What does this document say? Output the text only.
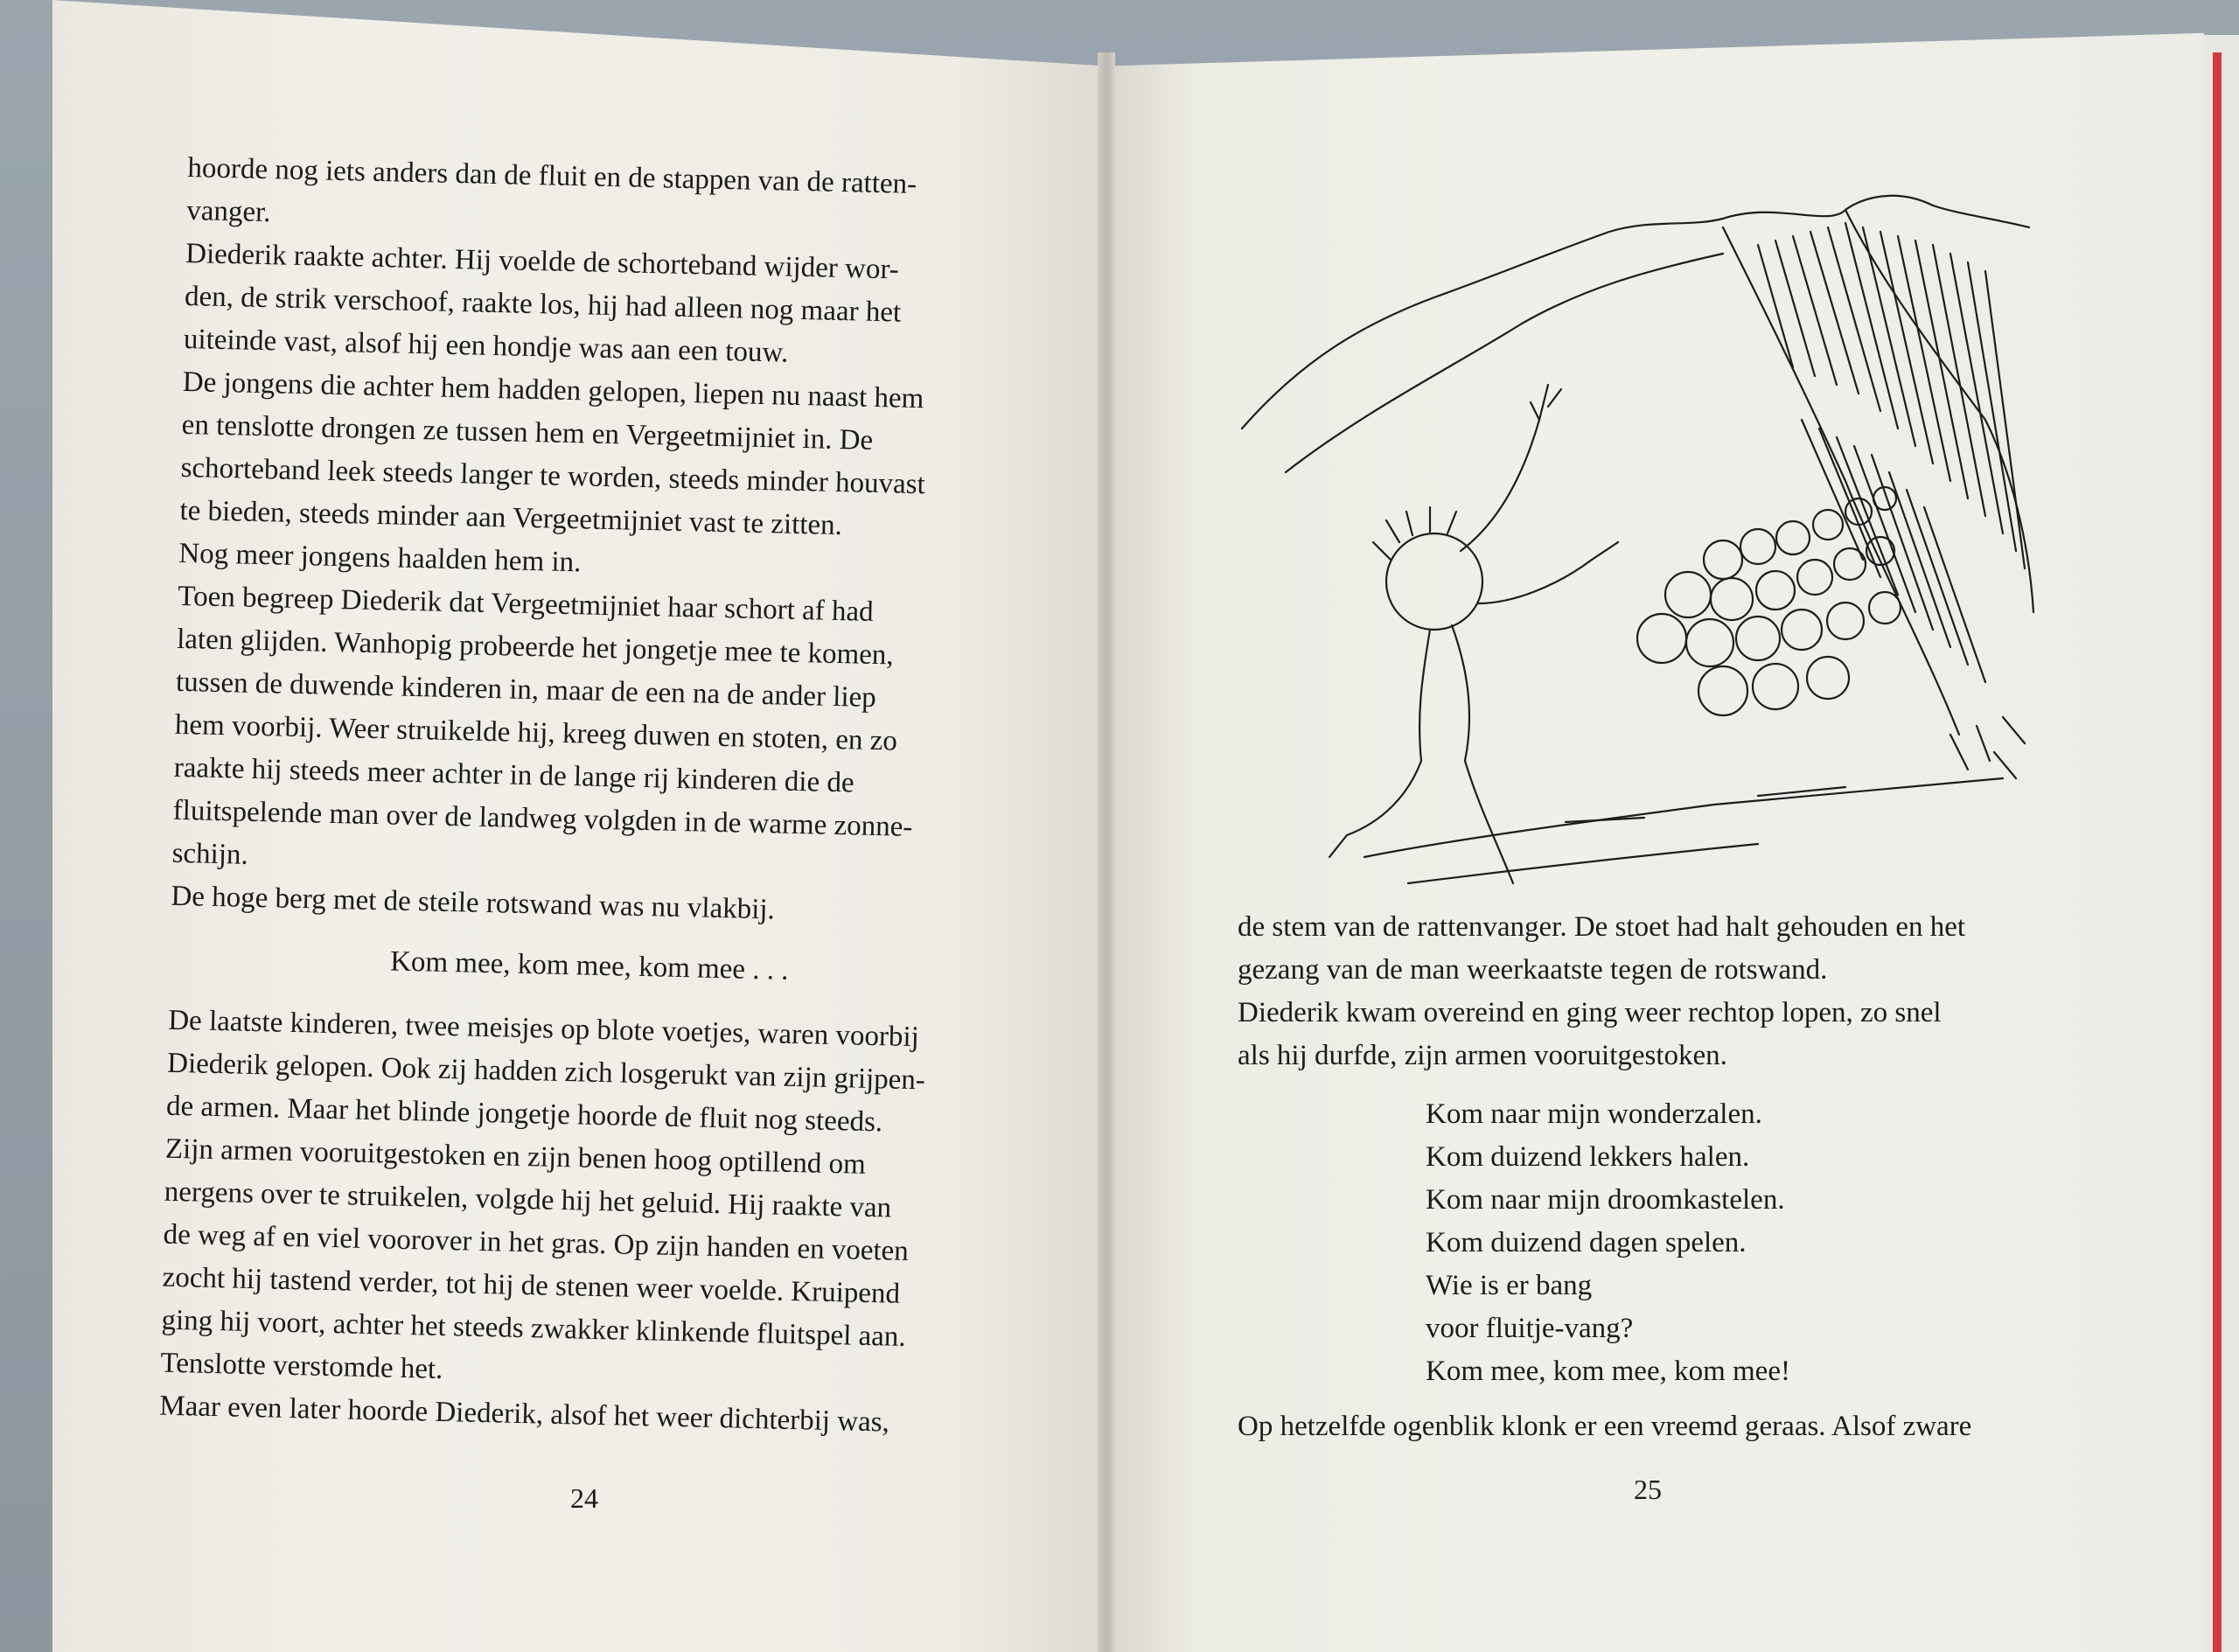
hoorde nog iets anders dan de fluit en de stappen van de ratten-

vanger.

Diederik raakte achter. Hij voelde de schorteband wijder wor-

den, de strik verschoof, raakte los, hij had alleen nog maar het

uiteinde vast, alsof hij een hondje was aan een touw.

De jongens die achter hem hadden gelopen, liepen nu naast hem

en tenslotte drongen ze tussen hem en Vergeetmijniet in. De

schorteband leek steeds langer te worden, steeds minder houvast

te bieden, steeds minder aan Vergeetmijniet vast te zitten.

Nog meer jongens haalden hem in.

Toen begreep Diederik dat Vergeetmijniet haar schort af had

laten glijden. Wanhopig probeerde het jongetje mee te komen,

tussen de duwende kinderen in, maar de een na de ander liep

hem voorbij. Weer struikelde hij, kreeg duwen en stoten, en zo

raakte hij steeds meer achter in de lange rij kinderen die de

fluitspelende man over de landweg volgden in de warme zonne-

schijn.

De hoge berg met de steile rotswand was nu vlakbij.

Kom mee, kom mee, kom mee . . .

De laatste kinderen, twee meisjes op blote voetjes, waren voorbij

Diederik gelopen. Ook zij hadden zich losgerukt van zijn grijpen-

de armen. Maar het blinde jongetje hoorde de fluit nog steeds.

Zijn armen vooruitgestoken en zijn benen hoog optillend om

nergens over te struikelen, volgde hij het geluid. Hij raakte van

de weg af en viel voorover in het gras. Op zijn handen en voeten

zocht hij tastend verder, tot hij de stenen weer voelde. Kruipend

ging hij voort, achter het steeds zwakker klinkende fluitspel aan.

Tenslotte verstomde het.

Maar even later hoorde Diederik, alsof het weer dichterbij was,

24

de stem van de rattenvanger. De stoet had halt gehouden en het

gezang van de man weerkaatste tegen de rotswand.

Diederik kwam overeind en ging weer rechtop lopen, zo snel

als hij durfde, zijn armen vooruitgestoken.

Kom naar mijn wonderzalen.

Kom duizend lekkers halen.

Kom naar mijn droomkastelen.

Kom duizend dagen spelen.

Wie is er bang

voor fluitje-vang?

Kom mee, kom mee, kom mee!

Op hetzelfde ogenblik klonk er een vreemd geraas. Alsof zware

25
